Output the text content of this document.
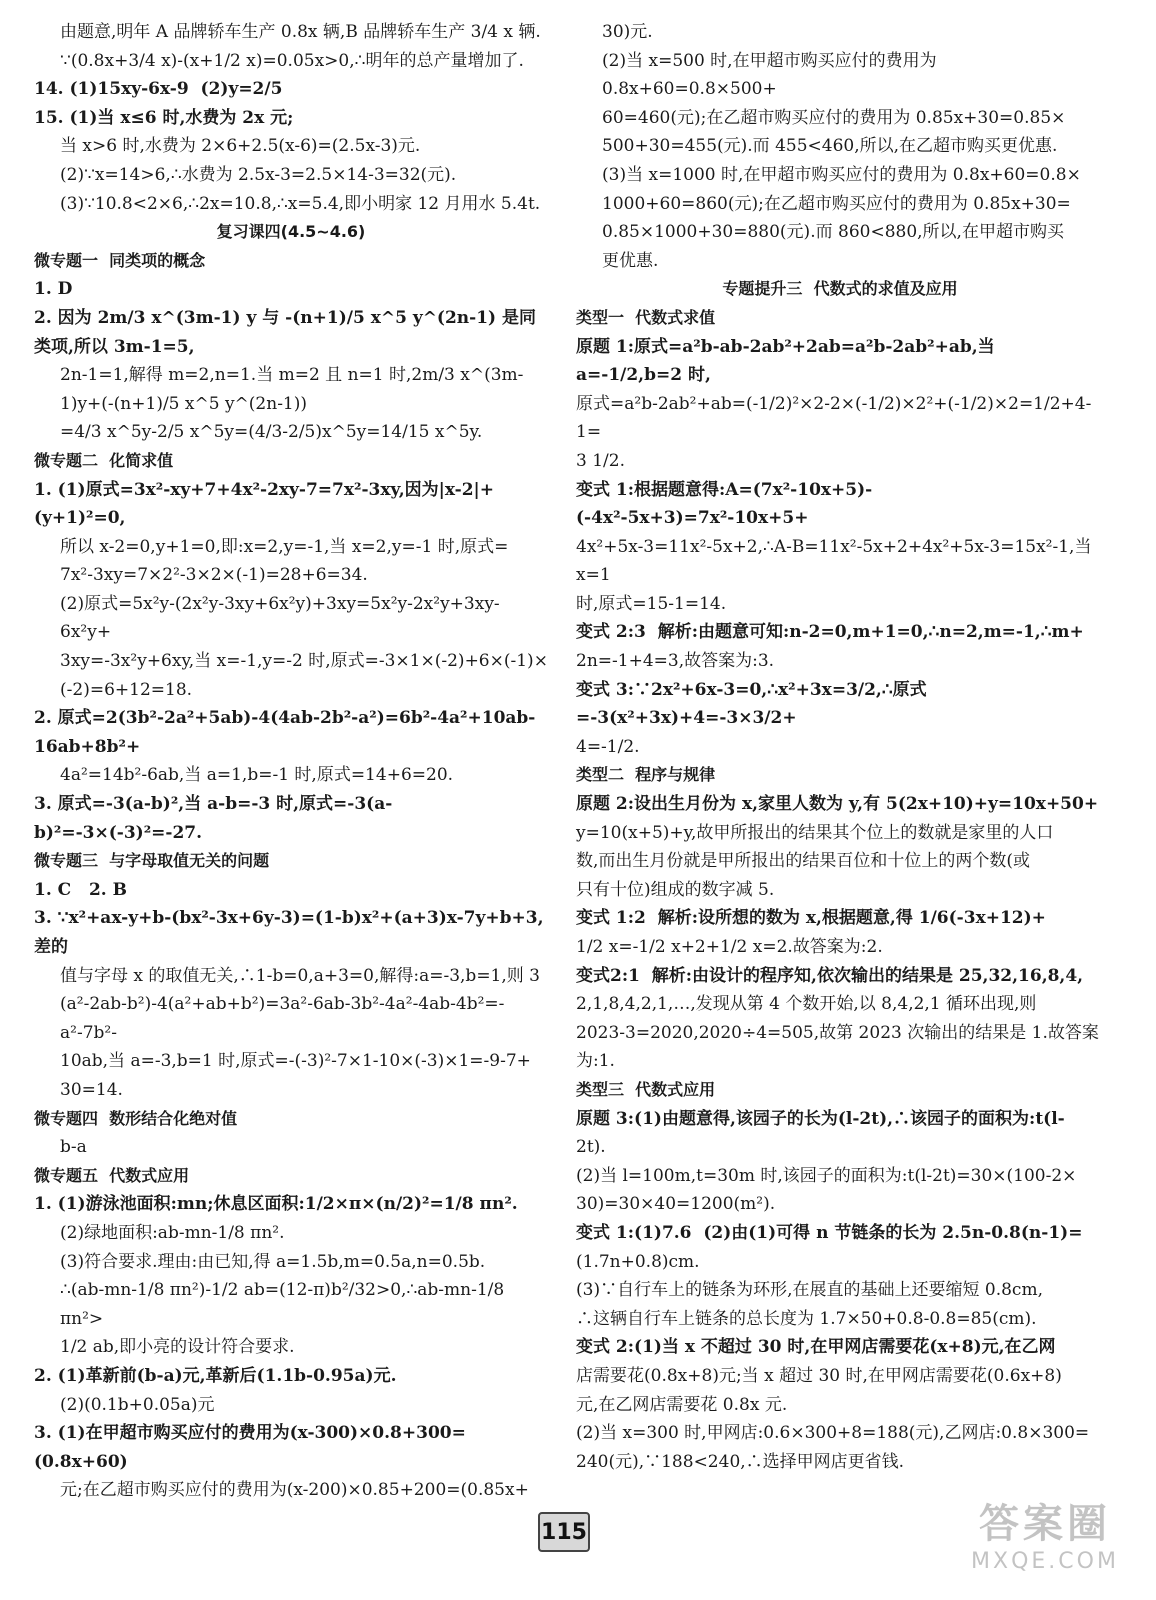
由题意,明年 A 品牌轿车生产 0.8x 辆,B 品牌轿车生产 3/4 x 辆.
∵(0.8x+3/4 x)-(x+1/2 x)=0.05x>0,∴明年的总产量增加了.
14. (1)15xy-6x-9  (2)y=2/5
15. (1)当 x≤6 时,水费为 2x 元;
当 x>6 时,水费为 2×6+2.5(x-6)=(2.5x-3)元.
(2)∵x=14>6,∴水费为 2.5x-3=2.5×14-3=32(元).
(3)∵10.8<2×6,∴2x=10.8,∴x=5.4,即小明家 12 月用水 5.4t.
复习课四(4.5~4.6)
微专题一  同类项的概念
1. D
2. 因为 2m/3 x^(3m-1) y 与 -(n+1)/5 x^5 y^(2n-1) 是同类项,所以 3m-1=5,
2n-1=1,解得 m=2,n=1.当 m=2 且 n=1 时,2m/3 x^(3m-1)y+(-(n+1)/5 x^5 y^(2n-1))
=4/3 x^5y-2/5 x^5y=(4/3-2/5)x^5y=14/15 x^5y.
微专题二  化简求值
1. (1)原式=3x²-xy+7+4x²-2xy-7=7x²-3xy,因为|x-2|+(y+1)²=0,
所以 x-2=0,y+1=0,即:x=2,y=-1,当 x=2,y=-1 时,原式=
7x²-3xy=7×2²-3×2×(-1)=28+6=34.
(2)原式=5x²y-(2x²y-3xy+6x²y)+3xy=5x²y-2x²y+3xy-6x²y+
3xy=-3x²y+6xy,当 x=-1,y=-2 时,原式=-3×1×(-2)+6×(-1)×
(-2)=6+12=18.
2. 原式=2(3b²-2a²+5ab)-4(4ab-2b²-a²)=6b²-4a²+10ab-16ab+8b²+
4a²=14b²-6ab,当 a=1,b=-1 时,原式=14+6=20.
3. 原式=-3(a-b)²,当 a-b=-3 时,原式=-3(a-b)²=-3×(-3)²=-27.
微专题三  与字母取值无关的问题
1. C   2. B
3. ∵x²+ax-y+b-(bx²-3x+6y-3)=(1-b)x²+(a+3)x-7y+b+3,差的
值与字母 x 的取值无关,∴1-b=0,a+3=0,解得:a=-3,b=1,则 3
(a²-2ab-b²)-4(a²+ab+b²)=3a²-6ab-3b²-4a²-4ab-4b²=-a²-7b²-
10ab,当 a=-3,b=1 时,原式=-(-3)²-7×1-10×(-3)×1=-9-7+
30=14.
微专题四  数形结合化绝对值
b-a
微专题五  代数式应用
1. (1)游泳池面积:mn;休息区面积:1/2×π×(n/2)²=1/8 πn².
(2)绿地面积:ab-mn-1/8 πn².
(3)符合要求.理由:由已知,得 a=1.5b,m=0.5a,n=0.5b.
∴(ab-mn-1/8 πn²)-1/2 ab=(12-π)b²/32>0,∴ab-mn-1/8 πn²>
1/2 ab,即小亮的设计符合要求.
2. (1)革新前(b-a)元,革新后(1.1b-0.95a)元.
(2)(0.1b+0.05a)元
3. (1)在甲超市购买应付的费用为(x-300)×0.8+300=(0.8x+60)
元;在乙超市购买应付的费用为(x-200)×0.85+200=(0.85x+
30)元.
(2)当 x=500 时,在甲超市购买应付的费用为 0.8x+60=0.8×500+
60=460(元);在乙超市购买应付的费用为 0.85x+30=0.85×
500+30=455(元).而 455<460,所以,在乙超市购买更优惠.
(3)当 x=1000 时,在甲超市购买应付的费用为 0.8x+60=0.8×
1000+60=860(元);在乙超市购买应付的费用为 0.85x+30=
0.85×1000+30=880(元).而 860<880,所以,在甲超市购买
更优惠.
专题提升三  代数式的求值及应用
类型一  代数式求值
原题 1:原式=a²b-ab-2ab²+2ab=a²b-2ab²+ab,当 a=-1/2,b=2 时,
原式=a²b-2ab²+ab=(-1/2)²×2-2×(-1/2)×2²+(-1/2)×2=1/2+4-1=
3 1/2.
变式 1:根据题意得:A=(7x²-10x+5)-(-4x²-5x+3)=7x²-10x+5+
4x²+5x-3=11x²-5x+2,∴A-B=11x²-5x+2+4x²+5x-3=15x²-1,当 x=1
时,原式=15-1=14.
变式 2:3  解析:由题意可知:n-2=0,m+1=0,∴n=2,m=-1,∴m+
2n=-1+4=3,故答案为:3.
变式 3:∵2x²+6x-3=0,∴x²+3x=3/2,∴原式=-3(x²+3x)+4=-3×3/2+
4=-1/2.
类型二  程序与规律
原题 2:设出生月份为 x,家里人数为 y,有 5(2x+10)+y=10x+50+
y=10(x+5)+y,故甲所报出的结果其个位上的数就是家里的人口
数,而出生月份就是甲所报出的结果百位和十位上的两个数(或
只有十位)组成的数字减 5.
变式 1:2  解析:设所想的数为 x,根据题意,得 1/6(-3x+12)+
1/2 x=-1/2 x+2+1/2 x=2.故答案为:2.
变式2:1  解析:由设计的程序知,依次输出的结果是 25,32,16,8,4,
2,1,8,4,2,1,…,发现从第 4 个数开始,以 8,4,2,1 循环出现,则
2023-3=2020,2020÷4=505,故第 2023 次输出的结果是 1.故答案
为:1.
类型三  代数式应用
原题 3:(1)由题意得,该园子的长为(l-2t),∴该园子的面积为:t(l-
2t).
(2)当 l=100m,t=30m 时,该园子的面积为:t(l-2t)=30×(100-2×
30)=30×40=1200(m²).
变式 1:(1)7.6  (2)由(1)可得 n 节链条的长为 2.5n-0.8(n-1)=
(1.7n+0.8)cm.
(3)∵自行车上的链条为环形,在展直的基础上还要缩短 0.8cm,
∴这辆自行车上链条的总长度为 1.7×50+0.8-0.8=85(cm).
变式 2:(1)当 x 不超过 30 时,在甲网店需要花(x+8)元,在乙网
店需要花(0.8x+8)元;当 x 超过 30 时,在甲网店需要花(0.6x+8)
元,在乙网店需要花 0.8x 元.
(2)当 x=300 时,甲网店:0.6×300+8=188(元),乙网店:0.8×300=
240(元),∵188<240,∴选择甲网店更省钱.
115	答案圈
MXQE.COM
